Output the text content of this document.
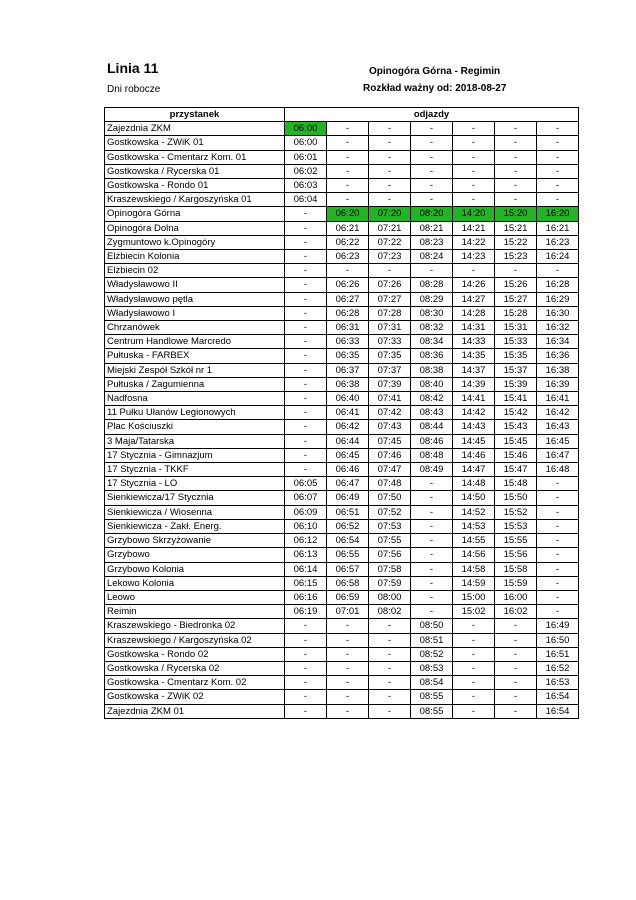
Linia 11
Dni robocze
Opinogóra Górna - Regimin
Rozkład ważny od: 2018-08-27
przystanek	odjazdy						
Zajezdnia ZKM	06:00	-	-	-	-	-	-
Gostkowska - ZWiK 01	06:00	-	-	-	-	-	-
Gostkowska - Cmentarz Kom. 01	06:01	-	-	-	-	-	-
Gostkowska / Rycerska 01	06:02	-	-	-	-	-	-
Gostkowska - Rondo 01	06:03	-	-	-	-	-	-
Kraszewskiego / Kargoszyńska 01	06:04	-	-	-	-	-	-
Opinogóra Górna	-	06:20	07:20	08:20	14:20	15:20	16:20
Opinogóra Dolna	-	06:21	07:21	08:21	14:21	15:21	16:21
Zygmuntowo k.Opinogóry	-	06:22	07:22	08:23	14:22	15:22	16:23
Elżbiecin Kolonia	-	06:23	07:23	08:24	14:23	15:23	16:24
Elżbiecin 02	-	-	-	-	-	-	-
Władysławowo II	-	06:26	07:26	08:28	14:26	15:26	16:28
Władysławowo pętla	-	06:27	07:27	08:29	14:27	15:27	16:29
Władysławowo I	-	06:28	07:28	08:30	14:28	15:28	16:30
Chrzanówek	-	06:31	07:31	08:32	14:31	15:31	16:32
Centrum Handlowe Marcredo	-	06:33	07:33	08:34	14:33	15:33	16:34
Pułtuska - FARBEX	-	06:35	07:35	08:36	14:35	15:35	16:36
Miejski Zespół Szkół nr 1	-	06:37	07:37	08:38	14:37	15:37	16:38
Pułtuska / Zagumienna	-	06:38	07:39	08:40	14:39	15:39	16:39
Nadfosna	-	06:40	07:41	08:42	14:41	15:41	16:41
11 Pułku Ułanów Legionowych	-	06:41	07:42	08:43	14:42	15:42	16:42
Plac Kościuszki	-	06:42	07:43	08:44	14:43	15:43	16:43
3 Maja/Tatarska	-	06:44	07:45	08:46	14:45	15:45	16:45
17 Stycznia - Gimnazjum	-	06:45	07:46	08:48	14:46	15:46	16:47
17 Stycznia - TKKF	-	06:46	07:47	08:49	14:47	15:47	16:48
17 Stycznia - LO	06:05	06:47	07:48	-	14:48	15:48	-
Sienkiewicza/17 Stycznia	06:07	06:49	07:50	-	14:50	15:50	-
Sienkiewicza / Wiosenna	06:09	06:51	07:52	-	14:52	15:52	-
Sienkiewicza - Zakł. Energ.	06:10	06:52	07:53	-	14:53	15:53	-
Grzybowo Skrzyżowanie	06:12	06:54	07:55	-	14:55	15:55	-
Grzybowo	06:13	06:55	07:56	-	14:56	15:56	-
Grzybowo Kolonia	06:14	06:57	07:58	-	14:58	15:58	-
Lekowo Kolonia	06:15	06:58	07:59	-	14:59	15:59	-
Leowo	06:16	06:59	08:00	-	15:00	16:00	-
Reimin	06:19	07:01	08:02	-	15:02	16:02	-
Kraszewskiego - Biedronka 02	-	-	-	08:50	-	-	16:49
Kraszewskiego / Kargoszyńska 02	-	-	-	08:51	-	-	16:50
Gostkowska - Rondo 02	-	-	-	08:52	-	-	16:51
Gostkowska / Rycerska 02	-	-	-	08:53	-	-	16:52
Gostkowska - Cmentarz Kom. 02	-	-	-	08:54	-	-	16:53
Gostkowska - ZWiK 02	-	-	-	08:55	-	-	16:54
Zajezdnia ZKM 01	-	-	-	08:55	-	-	16:54
